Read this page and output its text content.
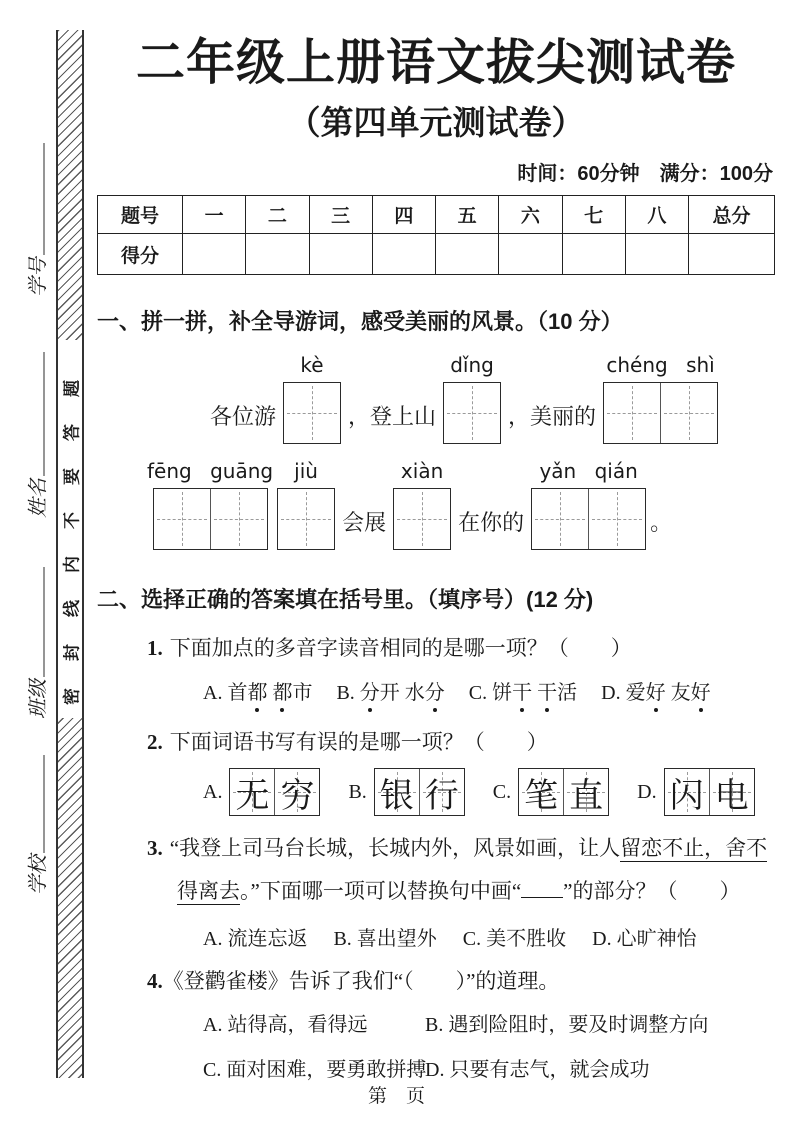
密封线内不要答题
学号
姓名
班级
学校
二年级上册语文拔尖测试卷
（第四单元测试卷）
时间：60分钟　满分：100分
题号	一	二	三	四	五	六	七	八	总分
得分									
一、拼一拼，补全导游词，感受美丽的风景。（10 分）
各位游
kè
，登上山
dǐng
，美丽的
chéng shì
fēng guāng jiù
会展
xiàn
在你的
yǎn qián
。
二、选择正确的答案填在括号里。（填序号）(12 分)
1. 下面加点的多音字读音相同的是哪一项？（　　）
A. 首都 都市 B. 分开 水分 C. 饼干 干活 D. 爱好 友好
2. 下面词语书写有误的是哪一项？（　　）
A. 无 穷 B. 银 行 C. 笔 直 D. 闪 电
3. “我登上司马台长城，长城内外，风景如画，让人留恋不止，舍不
得离去。”下面哪一项可以替换句中画“ ”的部分？（　　）
A. 流连忘返 B. 喜出望外 C. 美不胜收 D. 心旷神怡
4.《登鹳雀楼》告诉了我们“（　　）”的道理。
A. 站得高，看得远	B. 遇到险阻时，要及时调整方向
C. 面对困难，要勇敢拼搏
D. 只要有志气，就会成功
第　页
